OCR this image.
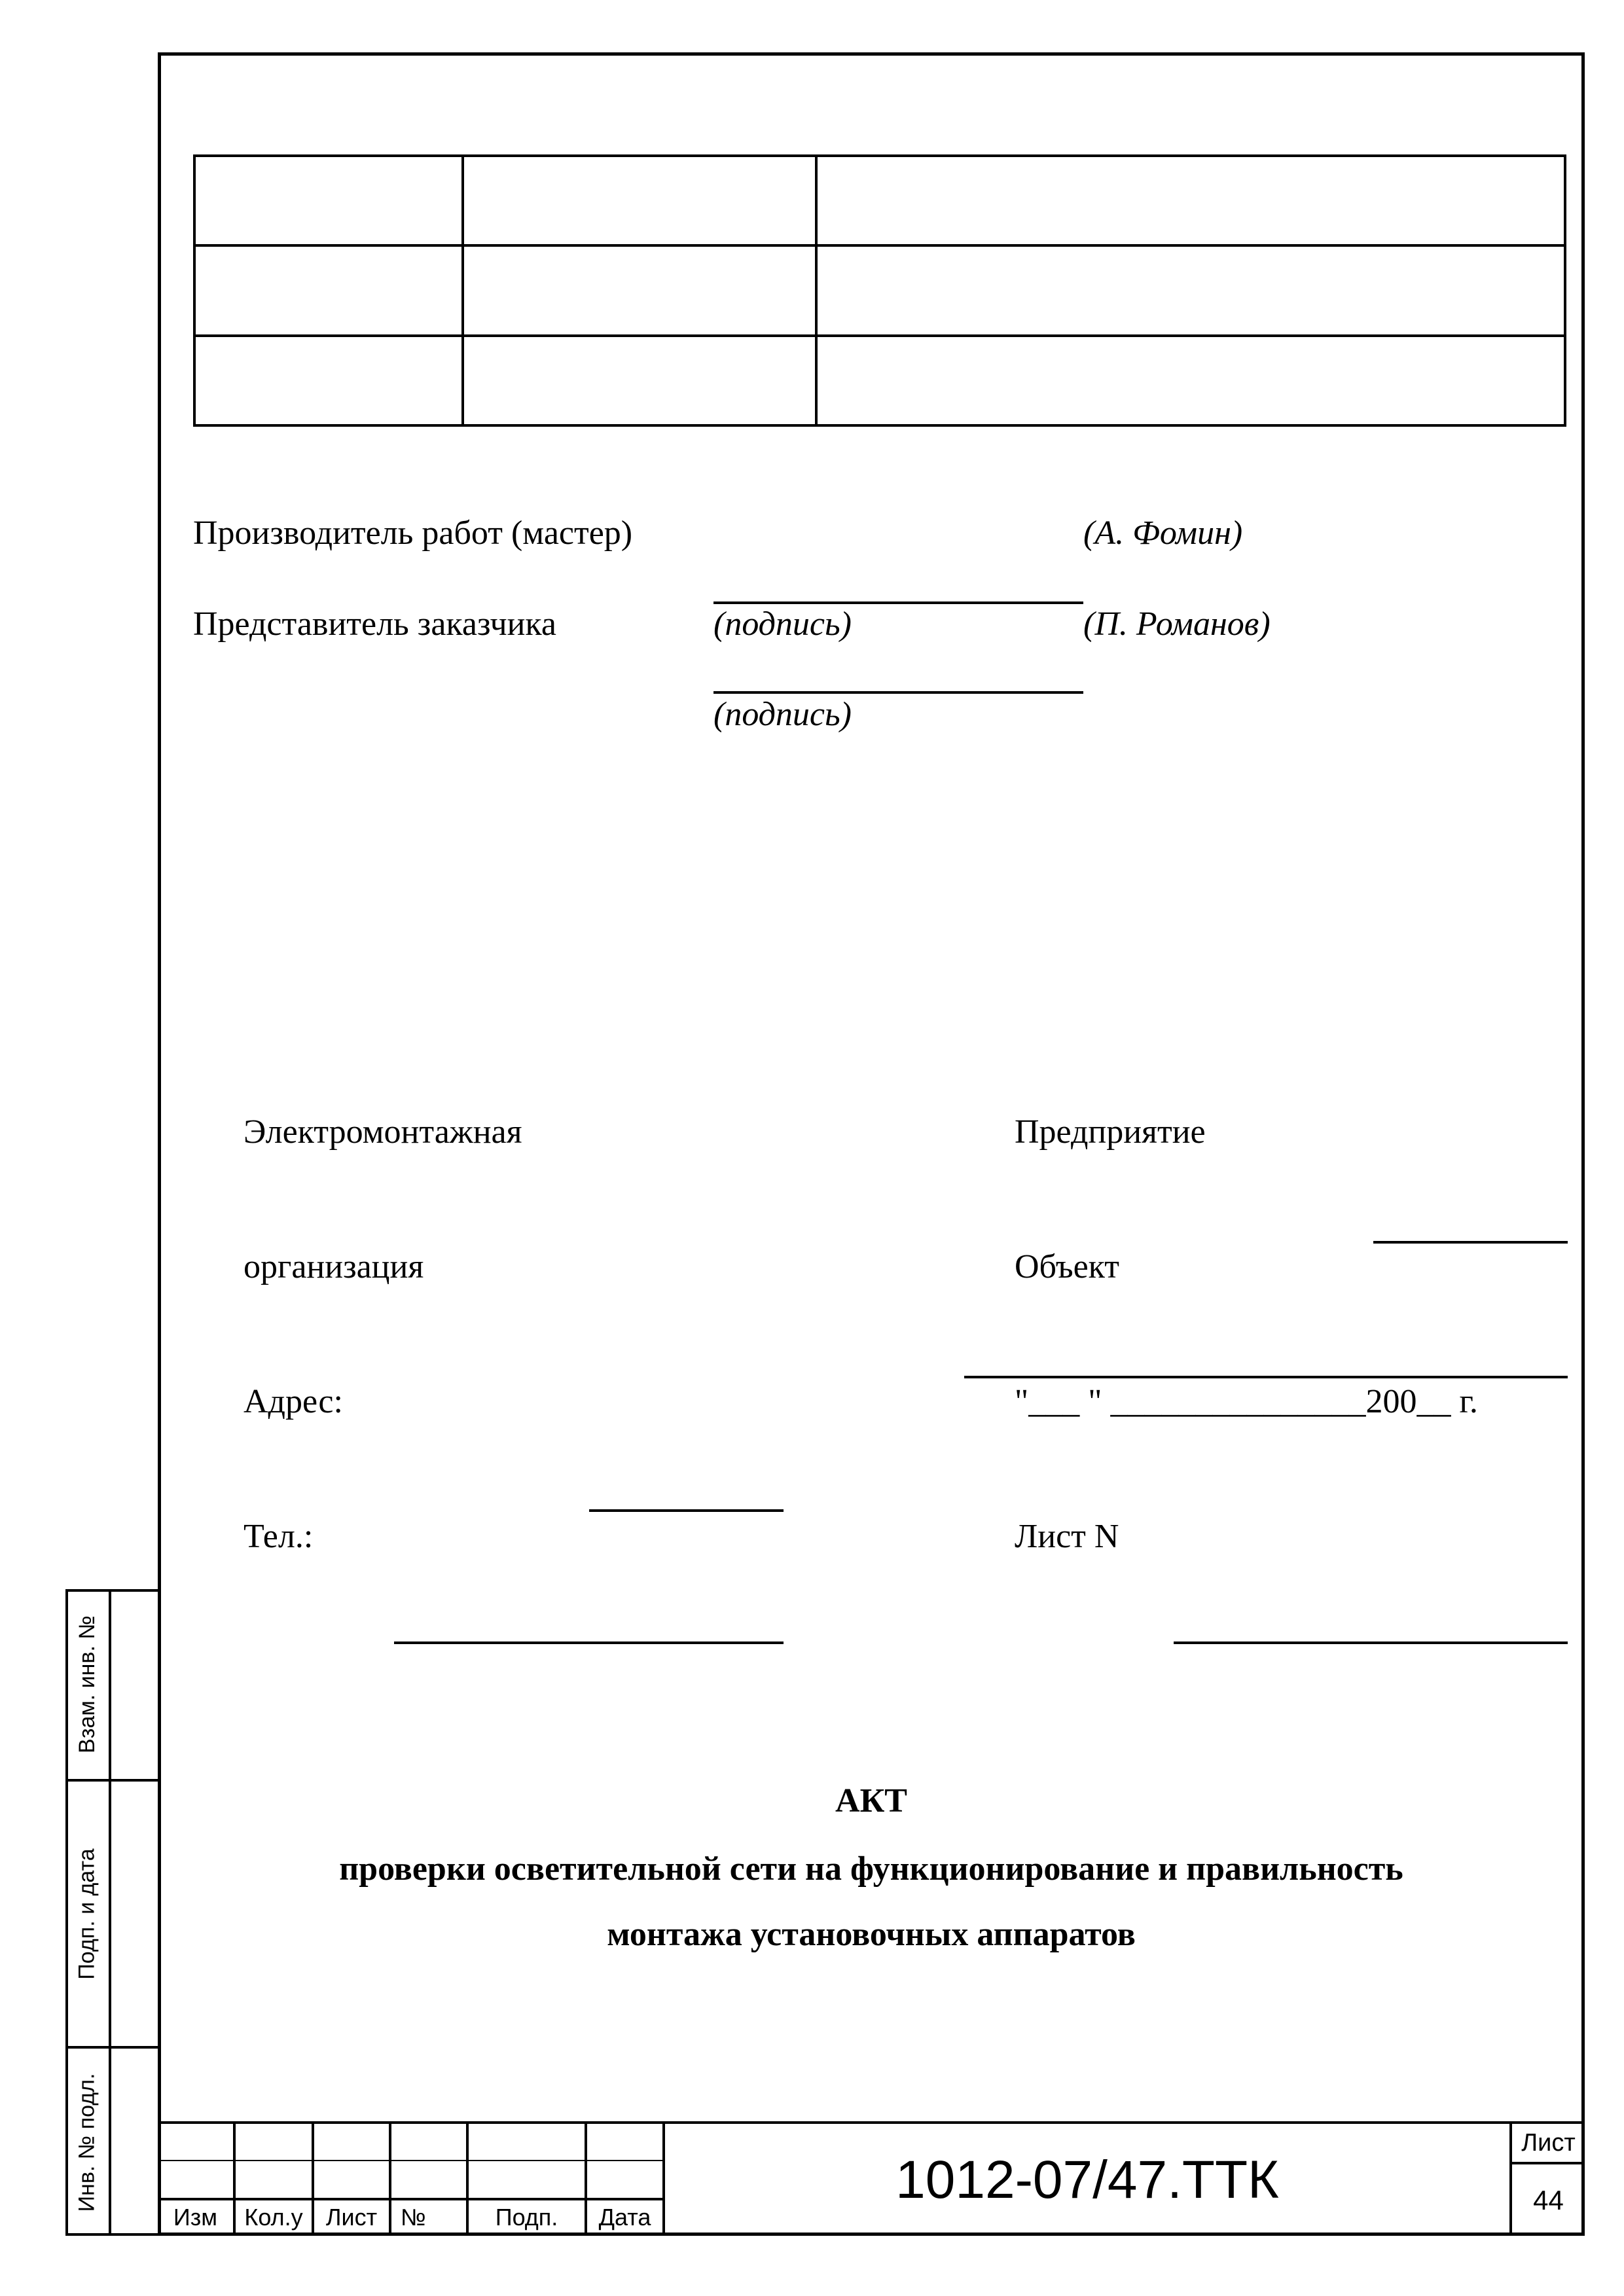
Производитель работ (мастер)	(А. Фомин)
Представитель заказчика	(подпись)	(П. Романов)
(подпись)
Электромонтажная
организация
Адрес:
Тел.:
Предприятие
Объект
"___ " _______________200__ г.
Лист N
АКТ
проверки осветительной сети на функционирование и правильность
монтажа установочных аппаратов
Взам. инв. №
Подп. и дата
Инв. № подл.
Изм	Кол.у Лист №	Подп.	Дата
1012-07/47.ТТК
Лист
44
